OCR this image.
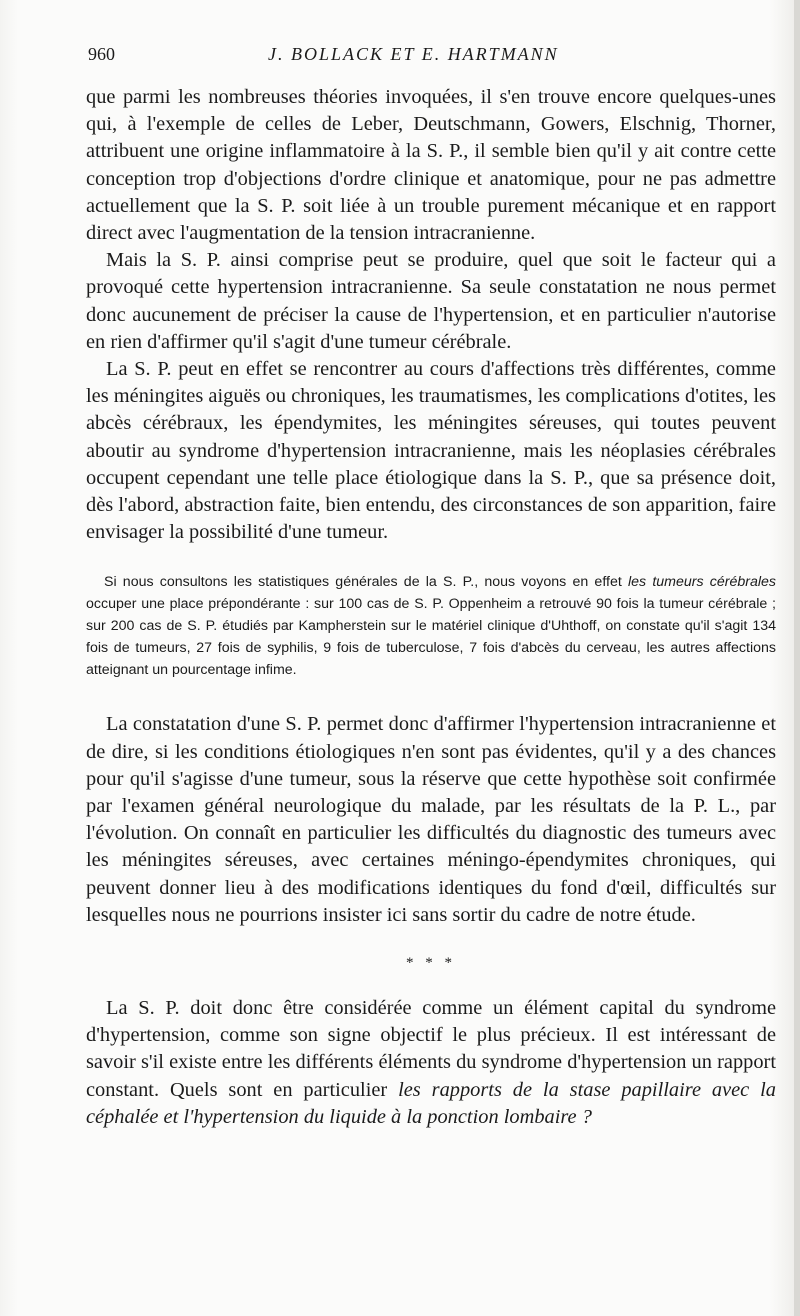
960	J. BOLLACK ET E. HARTMANN

que parmi les nombreuses théories invoquées, il s'en trouve encore quelques-unes qui, à l'exemple de celles de Leber, Deutschmann, Gowers, Elschnig, Thorner, attribuent une origine inflammatoire à la S. P., il semble bien qu'il y ait contre cette conception trop d'objections d'ordre clinique et anatomique, pour ne pas admettre actuellement que la S. P. soit liée à un trouble purement mécanique et en rapport direct avec l'augmentation de la tension intracranienne.

Mais la S. P. ainsi comprise peut se produire, quel que soit le facteur qui a provoqué cette hypertension intracranienne. Sa seule constatation ne nous permet donc aucunement de préciser la cause de l'hypertension, et en particulier n'autorise en rien d'affirmer qu'il s'agit d'une tumeur cérébrale.

La S. P. peut en effet se rencontrer au cours d'affections très différentes, comme les méningites aiguës ou chroniques, les traumatismes, les complications d'otites, les abcès cérébraux, les épendymites, les méningites séreuses, qui toutes peuvent aboutir au syndrome d'hypertension intracranienne, mais les néoplasies cérébrales occupent cependant une telle place étiologique dans la S. P., que sa présence doit, dès l'abord, abstraction faite, bien entendu, des circonstances de son apparition, faire envisager la possibilité d'une tumeur.

Si nous consultons les statistiques générales de la S. P., nous voyons en effet les tumeurs cérébrales occuper une place prépondérante : sur 100 cas de S. P. Oppenheim a retrouvé 90 fois la tumeur cérébrale ; sur 200 cas de S. P. étudiés par Kampherstein sur le matériel clinique d'Uhthoff, on constate qu'il s'agit 134 fois de tumeurs, 27 fois de syphilis, 9 fois de tuberculose, 7 fois d'abcès du cerveau, les autres affections atteignant un pourcentage infime.

La constatation d'une S. P. permet donc d'affirmer l'hypertension intracranienne et de dire, si les conditions étiologiques n'en sont pas évidentes, qu'il y a des chances pour qu'il s'agisse d'une tumeur, sous la réserve que cette hypothèse soit confirmée par l'examen général neurologique du malade, par les résultats de la P. L., par l'évolution. On connaît en particulier les difficultés du diagnostic des tumeurs avec les méningites séreuses, avec certaines méningo-épendymites chroniques, qui peuvent donner lieu à des modifications identiques du fond d'œil, difficultés sur lesquelles nous ne pourrions insister ici sans sortir du cadre de notre étude.

* * *

La S. P. doit donc être considérée comme un élément capital du syndrome d'hypertension, comme son signe objectif le plus précieux. Il est intéressant de savoir s'il existe entre les différents éléments du syndrome d'hypertension un rapport constant. Quels sont en particulier les rapports de la stase papillaire avec la céphalée et l'hypertension du liquide à la ponction lombaire ?
